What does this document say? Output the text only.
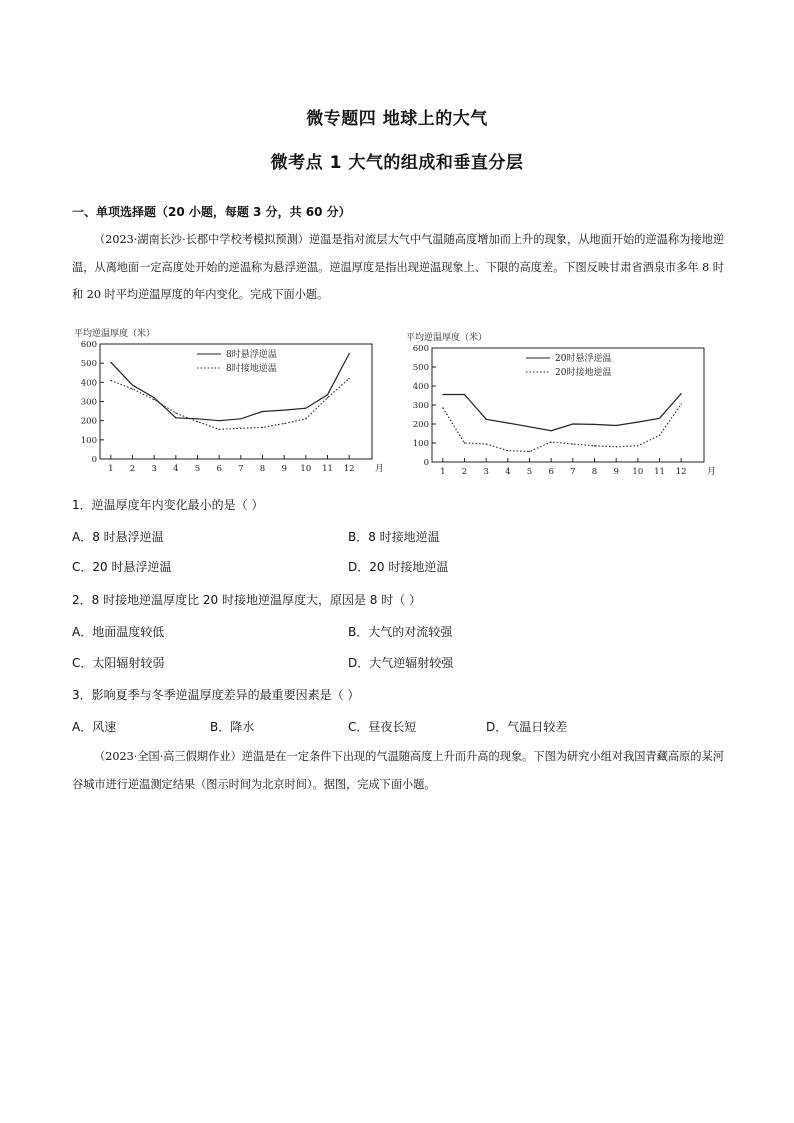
微专题四 地球上的大气
微考点 1 大气的组成和垂直分层
一、单项选择题（20 小题，每题 3 分，共 60 分）
（2023·湖南长沙·长郡中学校考模拟预测）逆温是指对流层大气中气温随高度增加而上升的现象，从地面开始的逆温称为接地逆温，从离地面一定高度处开始的逆温称为悬浮逆温。逆温厚度是指出现逆温现象上、下限的高度差。下图反映甘肃省酒泉市多年 8 时和 20 时平均逆温厚度的年内变化。完成下面小题。
平均逆温厚度（米）
0
100
200
300
400
500
600
1 2 3 4 5 6 7 8 9 10 11 12 月
8时悬浮逆温
8时接地逆温
平均逆温厚度（米）
0
100
200
300
400
500
600
1 2 3 4 5 6 7 8 9 10 11 12 月
20时悬浮逆温
20时接地逆温
1．逆温厚度年内变化最小的是（ ）
A．8 时悬浮逆温	B．8 时接地逆温
C．20 时悬浮逆温	D．20 时接地逆温
2．8 时接地逆温厚度比 20 时接地逆温厚度大，原因是 8 时（ ）
A．地面温度较低	B．大气的对流较强
C．太阳辐射较弱	D．大气逆辐射较强
3．影响夏季与冬季逆温厚度差异的最重要因素是（ ）
A．风速	B．降水	C．昼夜长短	D．气温日较差
（2023·全国·高三假期作业）逆温是在一定条件下出现的气温随高度上升而升高的现象。下图为研究小组对我国青藏高原的某河谷城市进行逆温测定结果（图示时间为北京时间）。据图，完成下面小题。
